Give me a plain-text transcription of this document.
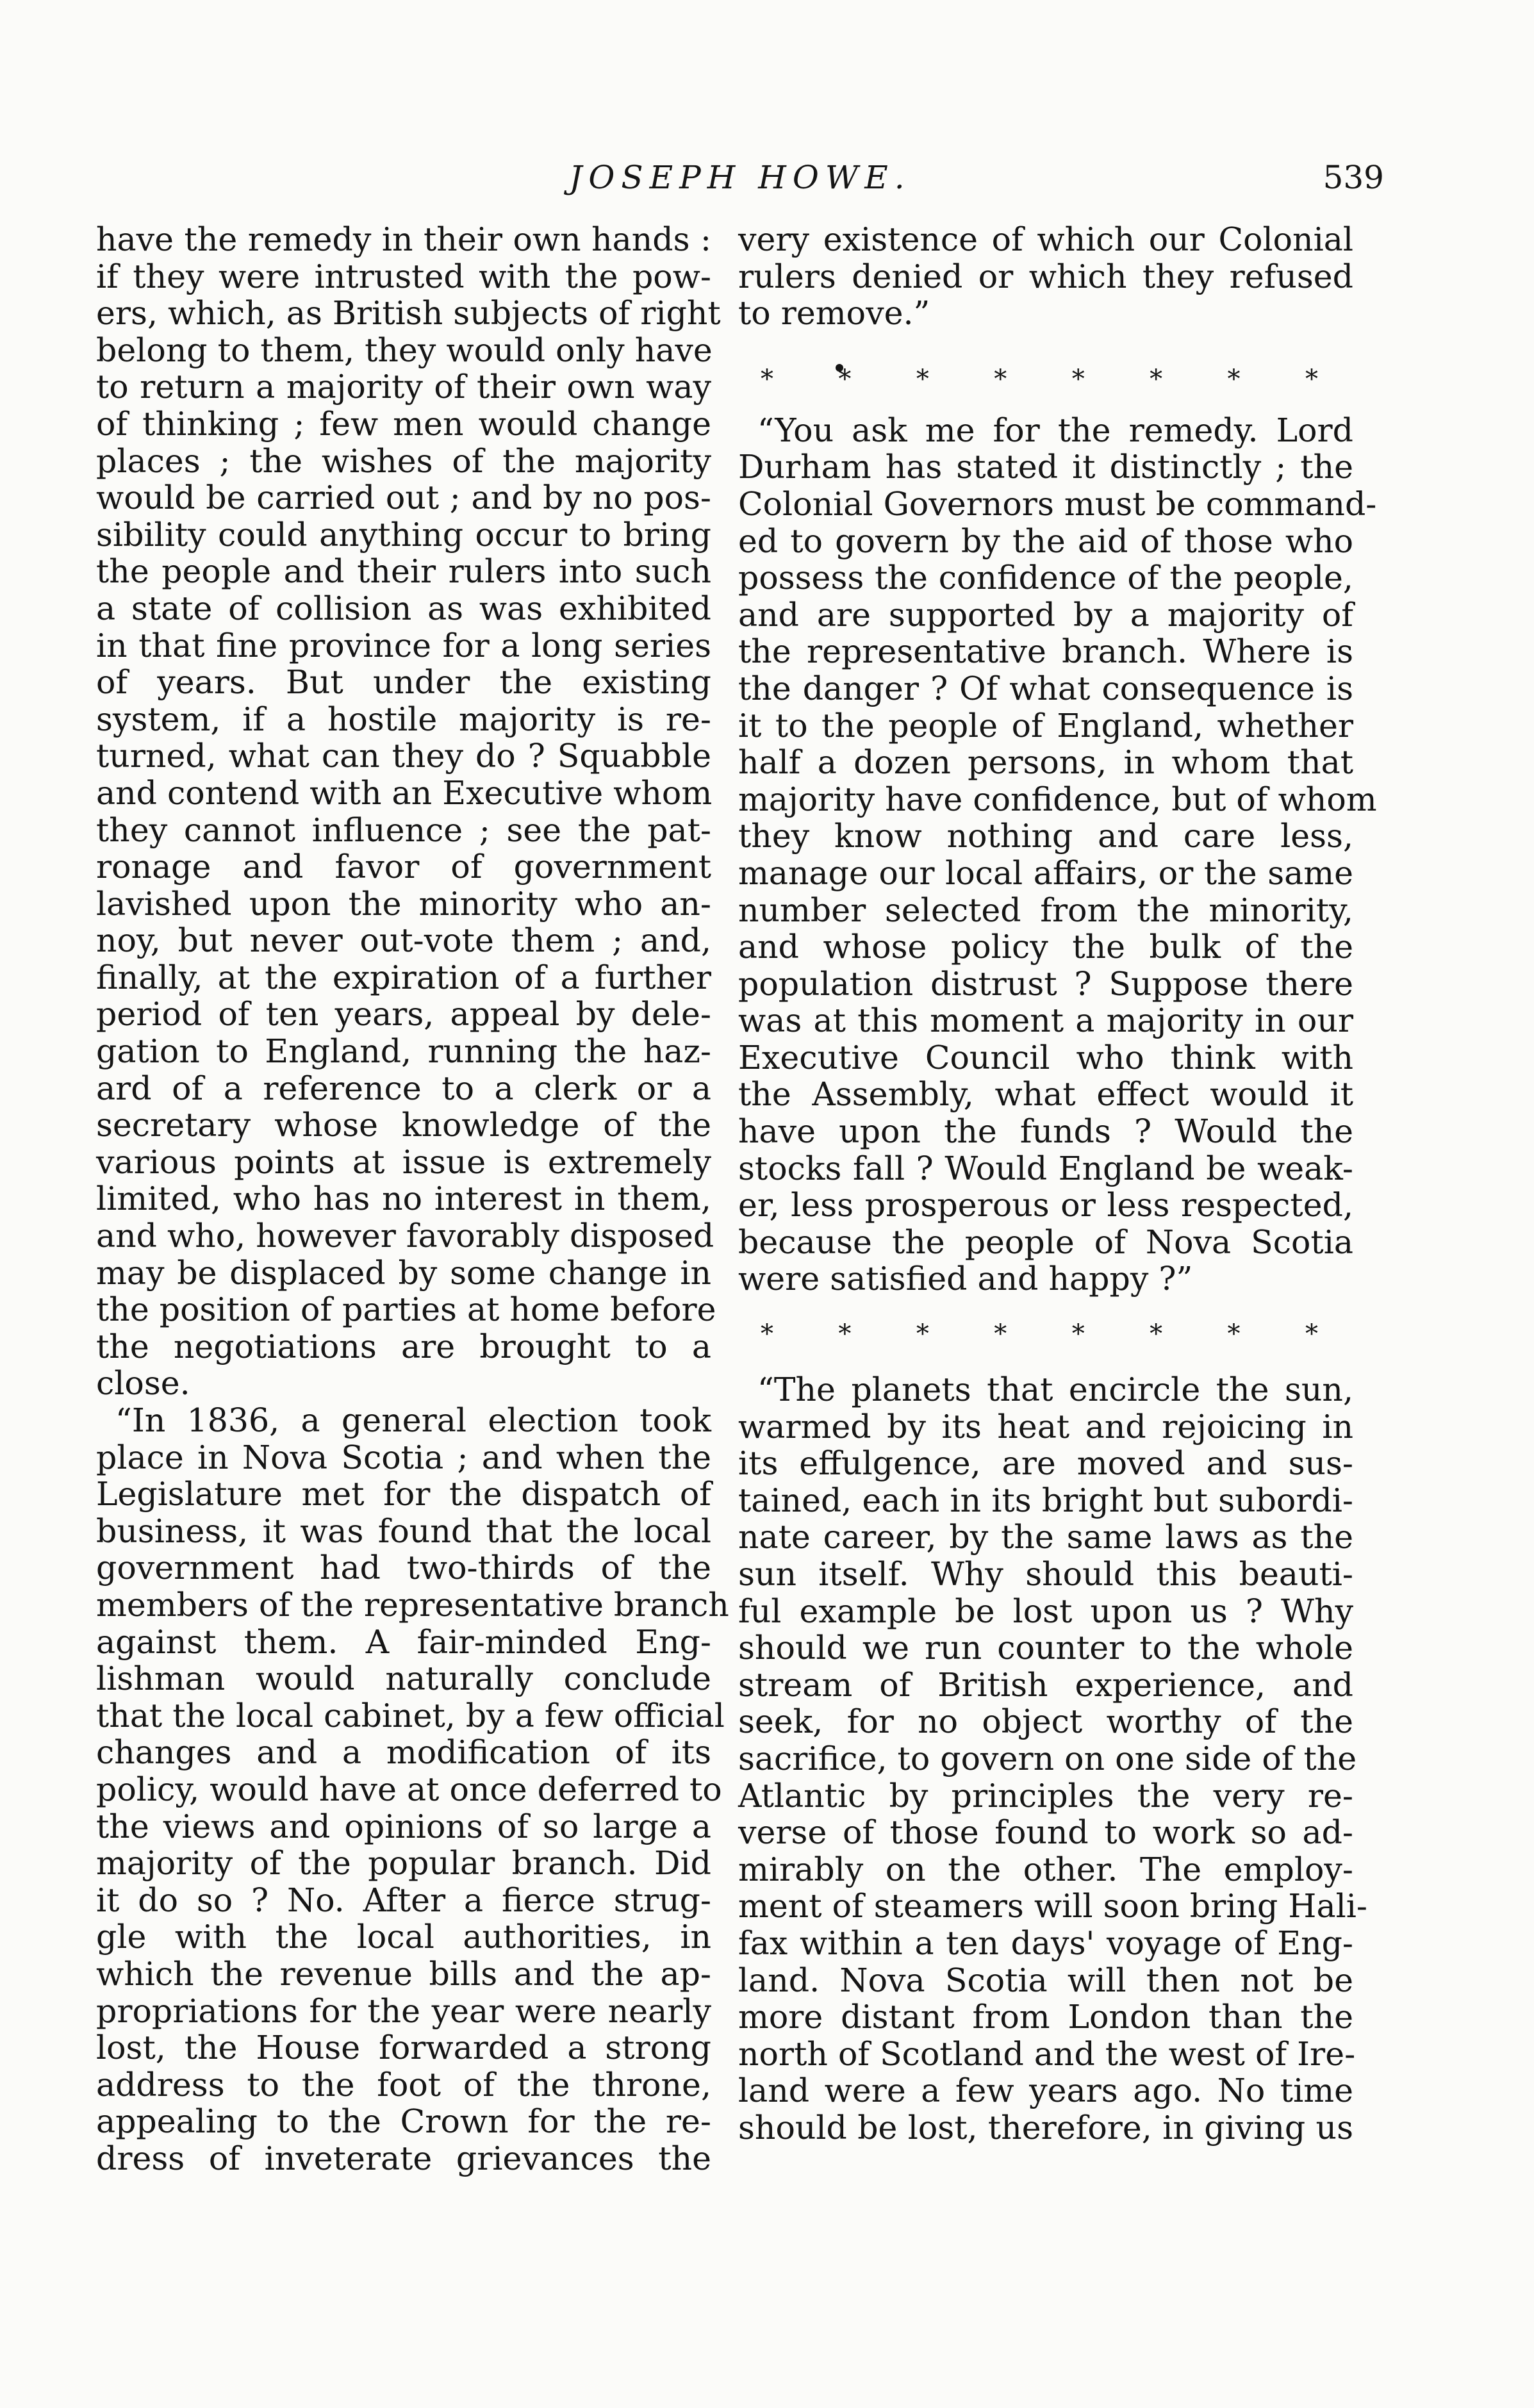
JOSEPH HOWE.	539
have the remedy in their own hands :
if they were intrusted with the pow-
ers, which, as British subjects of right
belong to them, they would only have
to return a majority of their own way
of thinking ; few men would change
places ; the wishes of the majority
would be carried out ; and by no pos-
sibility could anything occur to bring
the people and their rulers into such
a state of collision as was exhibited
in that fine province for a long series
of years. But under the existing
system, if a hostile majority is re-
turned, what can they do ? Squabble
and contend with an Executive whom
they cannot influence ; see the pat-
ronage and favor of government
lavished upon the minority who an-
noy, but never out-vote them ; and,
finally, at the expiration of a further
period of ten years, appeal by dele-
gation to England, running the haz-
ard of a reference to a clerk or a
secretary whose knowledge of the
various points at issue is extremely
limited, who has no interest in them,
and who, however favorably disposed
may be displaced by some change in
the position of parties at home before
the negotiations are brought to a
close.
“In 1836, a general election took
place in Nova Scotia ; and when the
Legislature met for the dispatch of
business, it was found that the local
government had two-thirds of the
members of the representative branch
against them. A fair-minded Eng-
lishman would naturally conclude
that the local cabinet, by a few official
changes and a modification of its
policy, would have at once deferred to
the views and opinions of so large a
majority of the popular branch. Did
it do so ? No. After a fierce strug-
gle with the local authorities, in
which the revenue bills and the ap-
propriations for the year were nearly
lost, the House forwarded a strong
address to the foot of the throne,
appealing to the Crown for the re-
dress of inveterate grievances the
very existence of which our Colonial
rulers denied or which they refused
to remove.”
*	*	*	*	*	*	*	*
“You ask me for the remedy. Lord
Durham has stated it distinctly ; the
Colonial Governors must be command-
ed to govern by the aid of those who
possess the confidence of the people,
and are supported by a majority of
the representative branch. Where is
the danger ? Of what consequence is
it to the people of England, whether
half a dozen persons, in whom that
majority have confidence, but of whom
they know nothing and care less,
manage our local affairs, or the same
number selected from the minority,
and whose policy the bulk of the
population distrust ? Suppose there
was at this moment a majority in our
Executive Council who think with
the Assembly, what effect would it
have upon the funds ? Would the
stocks fall ? Would England be weak-
er, less prosperous or less respected,
because the people of Nova Scotia
were satisfied and happy ?”
*	*	*	*	*	*	*	*
“The planets that encircle the sun,
warmed by its heat and rejoicing in
its effulgence, are moved and sus-
tained, each in its bright but subordi-
nate career, by the same laws as the
sun itself. Why should this beauti-
ful example be lost upon us ? Why
should we run counter to the whole
stream of British experience, and
seek, for no object worthy of the
sacrifice, to govern on one side of the
Atlantic by principles the very re-
verse of those found to work so ad-
mirably on the other. The employ-
ment of steamers will soon bring Hali-
fax within a ten days' voyage of Eng-
land. Nova Scotia will then not be
more distant from London than the
north of Scotland and the west of Ire-
land were a few years ago. No time
should be lost, therefore, in giving us
